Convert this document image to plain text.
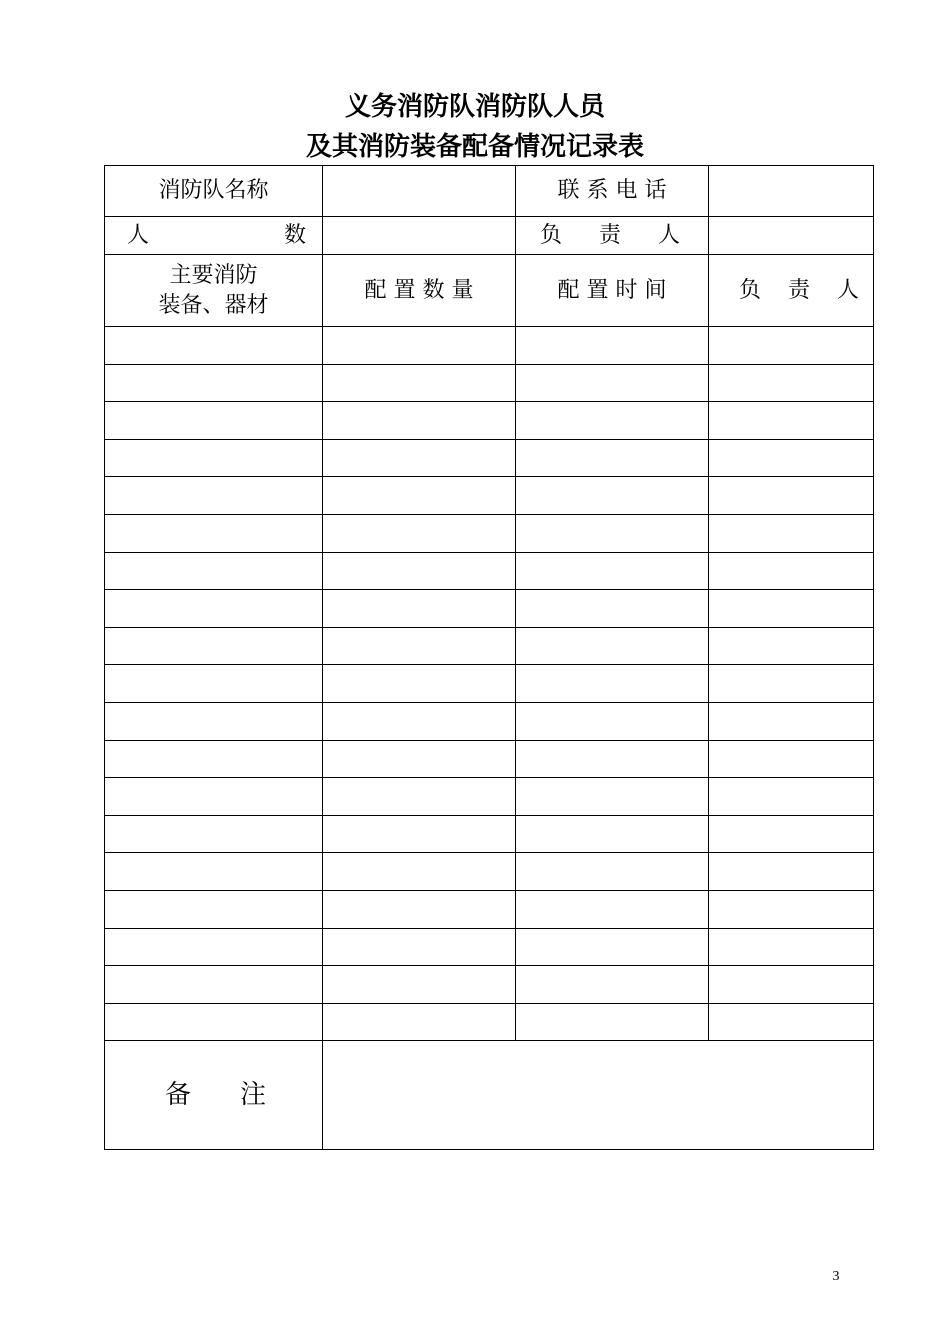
义务消防队消防队人员
及其消防装备配备情况记录表
消防队名称		联 系 电 话	

人 数		负 责 人	

主要消防
装备、器材	配 置 数 量	配 置 时 间	负 责 人

备 注			

3
